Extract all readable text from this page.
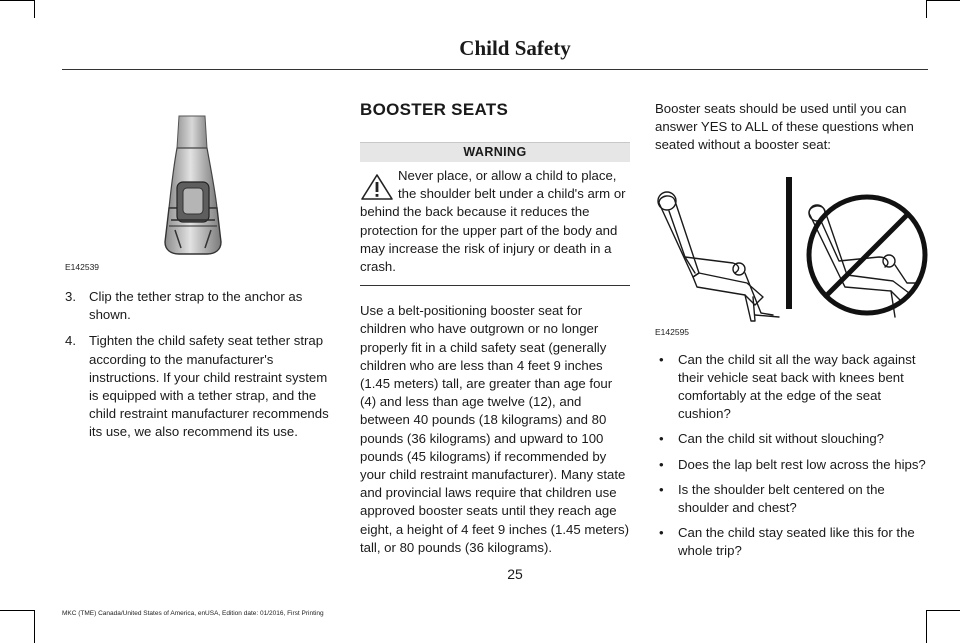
Child Safety
E142539
3. Clip the tether strap to the anchor as shown.
4. Tighten the child safety seat tether strap according to the manufacturer's instructions. If your child restraint system is equipped with a tether strap, and the child restraint manufacturer recommends its use, we also recommend its use.
BOOSTER SEATS
WARNING
Never place, or allow a child to place, the shoulder belt under a child's arm or behind the back because it reduces the protection for the upper part of the body and may increase the risk of injury or death in a crash.
Use a belt-positioning booster seat for children who have outgrown or no longer properly fit in a child safety seat (generally children who are less than 4 feet 9 inches (1.45 meters) tall, are greater than age four (4) and less than age twelve (12), and between 40 pounds (18 kilograms) and 80 pounds (36 kilograms) and upward to 100 pounds (45 kilograms) if recommended by your child restraint manufacturer). Many state and provincial laws require that children use approved booster seats until they reach age eight, a height of 4 feet 9 inches (1.45 meters) tall, or 80 pounds (36 kilograms).
Booster seats should be used until you can answer YES to ALL of these questions when seated without a booster seat:
E142595
• Can the child sit all the way back against their vehicle seat back with knees bent comfortably at the edge of the seat cushion?
• Can the child sit without slouching?
• Does the lap belt rest low across the hips?
• Is the shoulder belt centered on the shoulder and chest?
• Can the child stay seated like this for the whole trip?
25
MKC (TME) Canada/United States of America, enUSA, Edition date: 01/2016, First Printing
